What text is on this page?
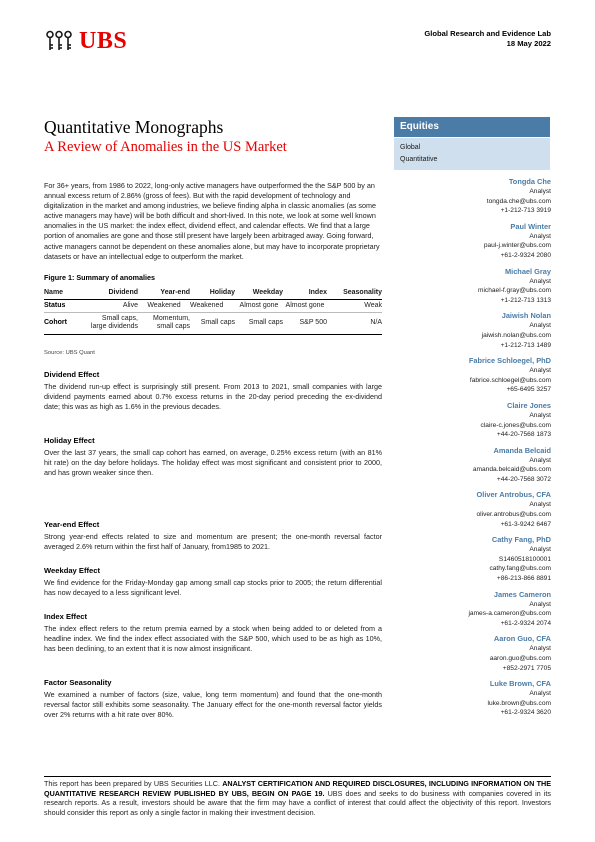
UBS	Global Research and Evidence Lab
18 May 2022
Quantitative Monographs
A Review of Anomalies in the US Market
Equities
Global
Quantitative

For 36+ years, from 1986 to 2022, long-only active managers have outperformed the the S&P 500 by an annual excess return of 2.86% (gross of fees). But with the rapid development of technology and digitalization in the market and among industries, we believe finding alpha in classic anomalies (as some active managers may have) will be both difficult and short-lived. In this note, we look at some well known anomalies in the US market: the index effect, dividend effect, and calendar effects. We find that a large portion of anomalies are gone and those still present have largely been arbitraged away. Going forward, active managers cannot be dependent on these anomalies alone, but may have to incorporate proprietary datasets or have an intellectual edge to outperform the market.

Figure 1: Summary of anomalies
Name	Dividend	Year-end	Holiday	Weekday	Index	Seasonality
Status	Alive	Weakened	Weakened	Almost gone	Almost gone	Weak
Cohort	Small caps, large dividends	Momentum, small caps	Small caps	Small caps	S&P 500	N/A
Source: UBS Quant
Dividend Effect

The dividend run-up effect is surprisingly still present. From 2013 to 2021, small companies with large dividend payments earned about 0.7% excess returns in the 20-day period preceding the ex-dividend date; this was as high as 1.6% in the previous decades.

Holiday Effect

Over the last 37 years, the small cap cohort has earned, on average, 0.25% excess return (with an 81% hit rate) on the day before holidays. The holiday effect was most significant and consistent prior to 2000, and has grown weaker since then.

Year-end Effect

Strong year-end effects related to size and momentum are present; the one-month reversal factor averaged 2.6% return within the first half of January, from1985 to 2021.

Weekday Effect

We find evidence for the Friday-Monday gap among small cap stocks prior to 2005; the return differential has now decayed to a less significant level.

Index Effect

The index effect refers to the return premia earned by a stock when being added to or deleted from a headline index. We find the index effect associated with the S&P 500, which used to be as high as 10%, has been declining, to an extent that it is now almost insignificant.

Factor Seasonality

We examined a number of factors (size, value, long term momentum) and found that the one-month reversal factor still exhibits some seasonality. The January effect for the one-month reversal factor yields over 2% returns with a hit rate over 80%.

Tongda Che
Analyst
tongda.che@ubs.com
+1-212-713 3919
Paul Winter
Analyst
paul-j.winter@ubs.com
+61-2-9324 2080
Michael Gray
Analyst
michael-f.gray@ubs.com
+1-212-713 1313
Jaiwish Nolan
Analyst
jaiwish.nolan@ubs.com
+1-212-713 1489
Fabrice Schloegel, PhD
Analyst
fabrice.schloegel@ubs.com
+65-6495 3257
Claire Jones
Analyst
claire-c.jones@ubs.com
+44-20-7568 1873
Amanda Belcaid
Analyst
amanda.belcaid@ubs.com
+44-20-7568 3072
Oliver Antrobus, CFA
Analyst
oliver.antrobus@ubs.com
+61-3-9242 6467
Cathy Fang, PhD
Analyst
S1460518100001
cathy.fang@ubs.com
+86-213-866 8891
James Cameron
Analyst
james-a.cameron@ubs.com
+61-2-9324 2074
Aaron Guo, CFA
Analyst
aaron.guo@ubs.com
+852-2971 7705
Luke Brown, CFA
Analyst
luke.brown@ubs.com
+61-2-9324 3620
This report has been prepared by UBS Securities LLC. ANALYST CERTIFICATION AND REQUIRED DISCLOSURES, INCLUDING INFORMATION ON THE QUANTITATIVE RESEARCH REVIEW PUBLISHED BY UBS, BEGIN ON PAGE 19. UBS does and seeks to do business with companies covered in its research reports. As a result, investors should be aware that the firm may have a conflict of interest that could affect the objectivity of this report. Investors should consider this report as only a single factor in making their investment decision.
